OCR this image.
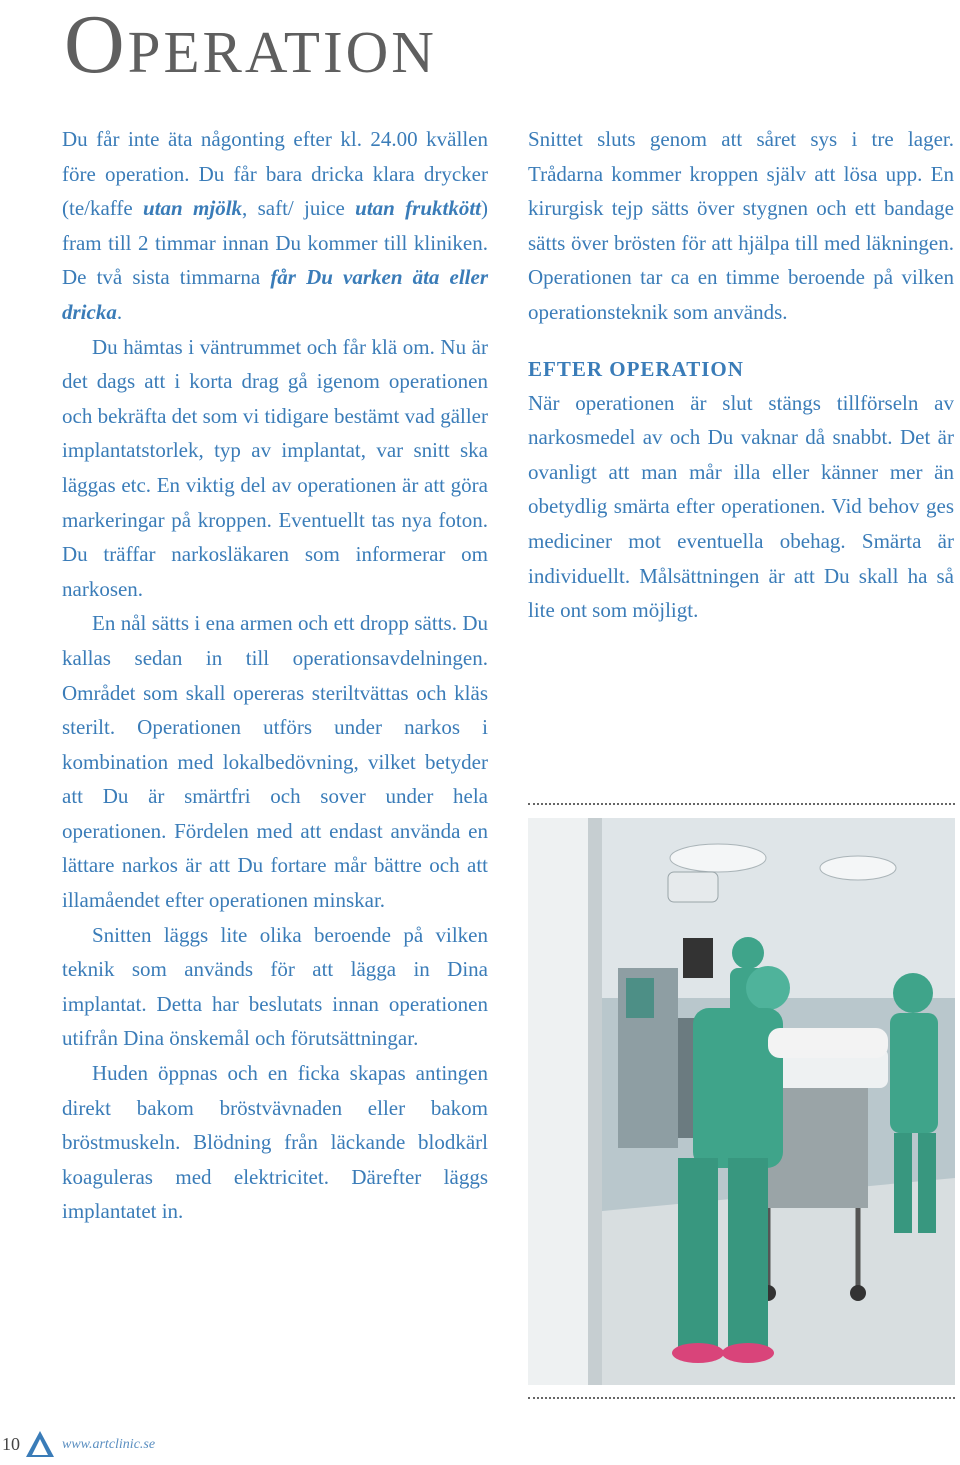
Operation

Du får inte äta någonting efter kl. 24.00 kvällen före operation. Du får bara dricka klara drycker (te/kaffe utan mjölk, saft/ juice utan fruktkött) fram till 2 timmar innan Du kommer till kliniken. De två sista timmarna får Du varken äta eller dricka.

Du hämtas i väntrummet och får klä om. Nu är det dags att i korta drag gå igenom operationen och bekräfta det som vi tidigare bestämt vad gäller implantatstorlek, typ av implantat, var snitt ska läggas etc. En viktig del av operationen är att göra markeringar på kroppen. Eventuellt tas nya foton. Du träffar narkosläkaren som informerar om narkosen.

En nål sätts i ena armen och ett dropp sätts. Du kallas sedan in till operationsavdelningen. Området som skall opereras steriltvättas och kläs sterilt. Operationen utförs under narkos i kombination med lokalbedövning, vilket betyder att Du är smärtfri och sover under hela operationen. Fördelen med att endast använda en lättare narkos är att Du fortare mår bättre och att illamåendet efter operationen minskar.

Snitten läggs lite olika beroende på vilken teknik som används för att lägga in Dina implantat. Detta har beslutats innan operationen utifrån Dina önskemål och förutsättningar.

Huden öppnas och en ficka skapas antingen direkt bakom bröstvävnaden eller bakom bröstmuskeln. Blödning från läckande blodkärl koaguleras med elektricitet. Därefter läggs implantatet in.

Snittet sluts genom att såret sys i tre lager. Trådarna kommer kroppen själv att lösa upp. En kirurgisk tejp sätts över stygnen och ett bandage sätts över brösten för att hjälpa till med läkningen. Operationen tar ca en timme beroende på vilken operationsteknik som används.

EFTER OPERATION

När operationen är slut stängs tillförseln av narkosmedel av och Du vaknar då snabbt. Det är ovanligt att man mår illa eller känner mer än obetydlig smärta efter operationen. Vid behov ges mediciner mot eventuella obehag. Smärta är individuellt. Målsättningen är att Du skall ha så lite ont som möjligt.

10	www.artclinic.se
